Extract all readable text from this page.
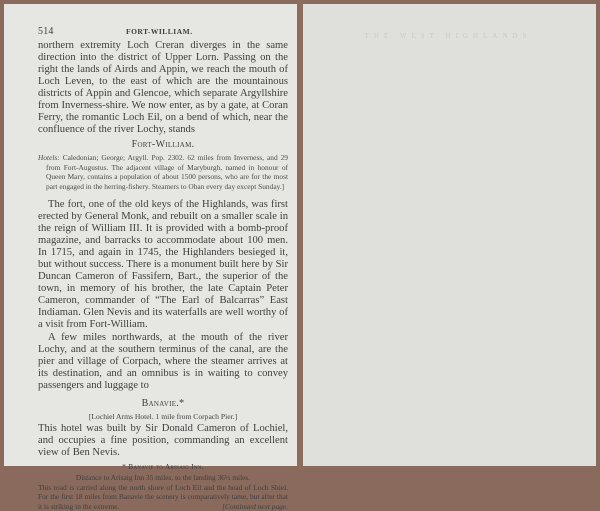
514	FORT-WILLIAM.

northern extremity Loch Creran diverges in the same direction into the district of Upper Lorn. Passing on the right the lands of Airds and Appin, we reach the mouth of Loch Leven, to the east of which are the mountainous districts of Appin and Glencoe, which separate Argyllshire from Inverness-shire. We now enter, as by a gate, at Coran Ferry, the romantic Loch Eil, on a bend of which, near the confluence of the river Lochy, stands

Fort-William.

Hotels: Caledonian; George; Argyll. Pop. 2302. 62 miles from Inverness, and 29 from Fort-Augustus. The adjacent village of Maryburgh, named in honour of Queen Mary, contains a population of about 1500 persons, who are for the most part engaged in the herring-fishery. Steamers to Oban every day except Sunday.]

The fort, one of the old keys of the Highlands, was first erected by General Monk, and rebuilt on a smaller scale in the reign of William III. It is provided with a bomb-proof magazine, and barracks to accommodate about 100 men. In 1715, and again in 1745, the Highlanders besieged it, but without success. There is a monument built here by Sir Duncan Cameron of Fassifern, Bart., the superior of the town, in memory of his brother, the late Captain Peter Cameron, commander of “The Earl of Balcarras” East Indiaman. Glen Nevis and its waterfalls are well worthy of a visit from Fort-William.

A few miles northwards, at the mouth of the river Lochy, and at the southern terminus of the canal, are the pier and village of Corpach, where the steamer arrives at its destination, and an omnibus is in waiting to convey passengers and luggage to

Banavie.*
[Lochiel Arms Hotel. 1 mile from Corpach Pier.]

This hotel was built by Sir Donald Cameron of Lochiel, and occupies a fine position, commanding an excellent view of Ben Nevis.

* Banavie to Arisaig Inn.
Distance to Arisaig Inn 35 miles, to the landing 36½ miles.

This road is carried along the north shore of Loch Eil and the head of Loch Shiel. For the first 18 miles from Banavie the scenery is comparatively tame, but after that it is striking in the extreme.	[Continued next page.

THE WEST HIGHLANDS
